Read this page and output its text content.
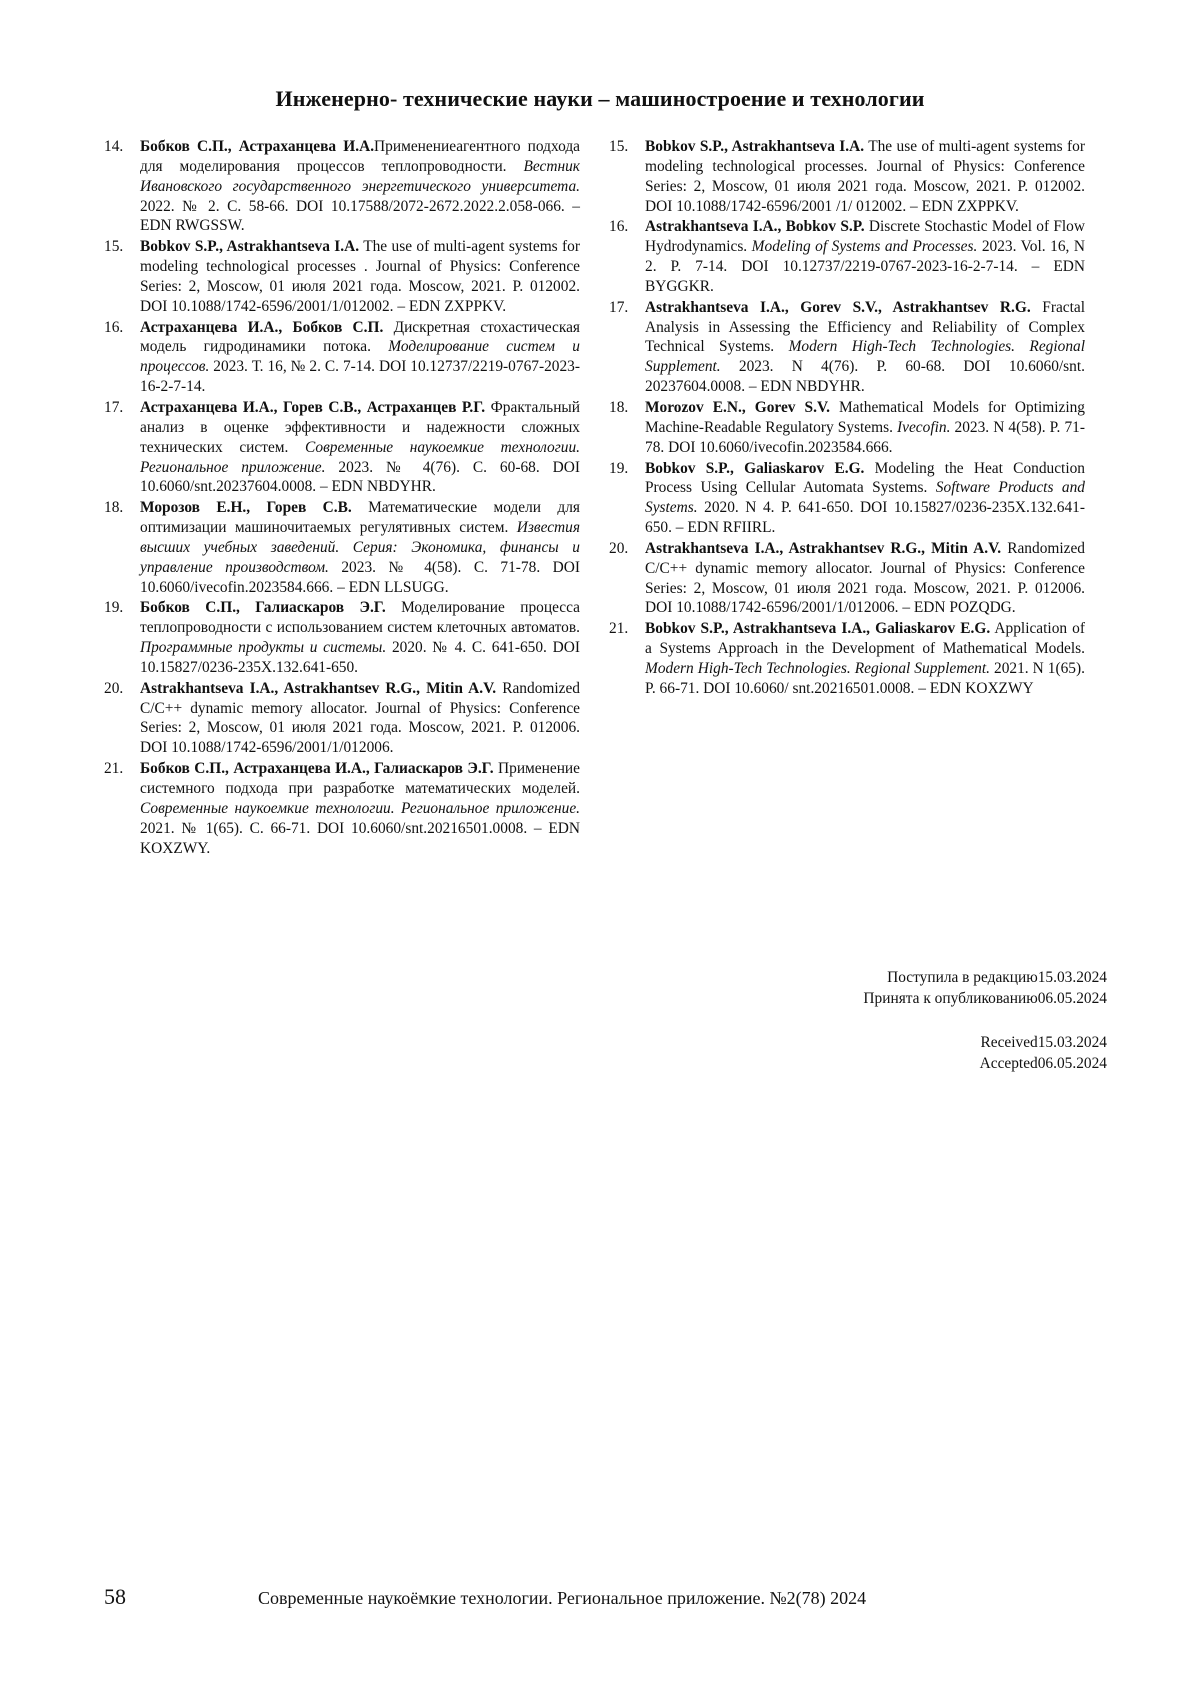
Инженерно- технические науки – машиностроение и технологии
14.	Бобков С.П., Астраханцева И.А.Применениеагентного подхода для моделирования процессов теплопроводности. Вестник Ивановского государственного энергетического университета. 2022. № 2. С. 58-66. DOI 10.17588/2072-2672.2022.2.058-066. – EDN RWGSSW.
15.	Bobkov S.P., Astrakhantseva I.A. The use of multi-agent systems for modeling technological processes . Journal of Physics: Conference Series: 2, Moscow, 01 июля 2021 года. Moscow, 2021. P. 012002. DOI 10.1088/1742-6596/2001/1/012002. – EDN ZXPPKV.
16.	Астраханцева И.А., Бобков С.П. Дискретная стохастическая модель гидродинамики потока. Моделирование систем и процессов. 2023. Т. 16, № 2. С. 7-14. DOI 10.12737/2219-0767-2023-16-2-7-14.
17.	Астраханцева И.А., Горев С.В., Астраханцев Р.Г. Фрактальный анализ в оценке эффективности и надежности сложных технических систем. Современные наукоемкие технологии. Региональное приложение. 2023. № 4(76). С. 60-68. DOI 10.6060/snt.20237604.0008. – EDN NBDYHR.
18.	Морозов Е.Н., Горев С.В. Математические модели для оптимизации машиночитаемых регулятивных систем. Известия высших учебных заведений. Серия: Экономика, финансы и управление производством. 2023. № 4(58). С. 71-78. DOI 10.6060/ivecofin.2023584.666. – EDN LLSUGG.
19.	Бобков С.П., Галиаскаров Э.Г. Моделирование процесса теплопроводности с использованием систем клеточных автоматов. Программные продукты и системы. 2020. № 4. С. 641-650. DOI 10.15827/0236-235X.132.641-650.
20.	Astrakhantseva I.A., Astrakhantsev R.G., Mitin A.V. Randomized C/C++ dynamic memory allocator. Journal of Physics: Conference Series: 2, Moscow, 01 июля 2021 года. Moscow, 2021. P. 012006. DOI 10.1088/1742-6596/2001/1/012006.
21.	Бобков С.П., Астраханцева И.А., Галиаскаров Э.Г. Применение системного подхода при разработке математических моделей. Современные наукоемкие технологии. Региональное приложение. 2021. № 1(65). С. 66-71. DOI 10.6060/snt.20216501.0008. – EDN KOXZWY.
15.	Bobkov S.P., Astrakhantseva I.A. The use of multi-agent systems for modeling technological processes. Journal of Physics: Conference Series: 2, Moscow, 01 июля 2021 года. Moscow, 2021. P. 012002. DOI 10.1088/1742-6596/2001 /1/ 012002. – EDN ZXPPKV.
16.	Astrakhantseva I.A., Bobkov S.P. Discrete Stochastic Model of Flow Hydrodynamics. Modeling of Systems and Processes. 2023. Vol. 16, N 2. P. 7-14. DOI 10.12737/2219-0767-2023-16-2-7-14. – EDN BYGGKR.
17.	Astrakhantseva I.A., Gorev S.V., Astrakhantsev R.G. Fractal Analysis in Assessing the Efficiency and Reliability of Complex Technical Systems. Modern High-Tech Technologies. Regional Supplement. 2023. N 4(76). P. 60-68. DOI 10.6060/snt. 20237604.0008. – EDN NBDYHR.
18.	Morozov E.N., Gorev S.V. Mathematical Models for Optimizing Machine-Readable Regulatory Systems. Ivecofin. 2023. N 4(58). P. 71-78. DOI 10.6060/ivecofin.2023584.666.
19.	Bobkov S.P., Galiaskarov E.G. Modeling the Heat Conduction Process Using Cellular Automata Systems. Software Products and Systems. 2020. N 4. P. 641-650. DOI 10.15827/0236-235X.132.641-650. – EDN RFIIRL.
20.	Astrakhantseva I.A., Astrakhantsev R.G., Mitin A.V. Randomized C/C++ dynamic memory allocator. Journal of Physics: Conference Series: 2, Moscow, 01 июля 2021 года. Moscow, 2021. P. 012006. DOI 10.1088/1742-6596/2001/1/012006. – EDN POZQDG.
21.	Bobkov S.P., Astrakhantseva I.A., Galiaskarov E.G. Application of a Systems Approach in the Development of Mathematical Models. Modern High-Tech Technologies. Regional Supplement. 2021. N 1(65). P. 66-71. DOI 10.6060/ snt.20216501.0008. – EDN KOXZWY
Поступила в редакцию15.03.2024
Принята к опубликованию06.05.2024
Received15.03.2024
Accepted06.05.2024
58	Современные наукоёмкие технологии. Региональное приложение. №2(78) 2024
